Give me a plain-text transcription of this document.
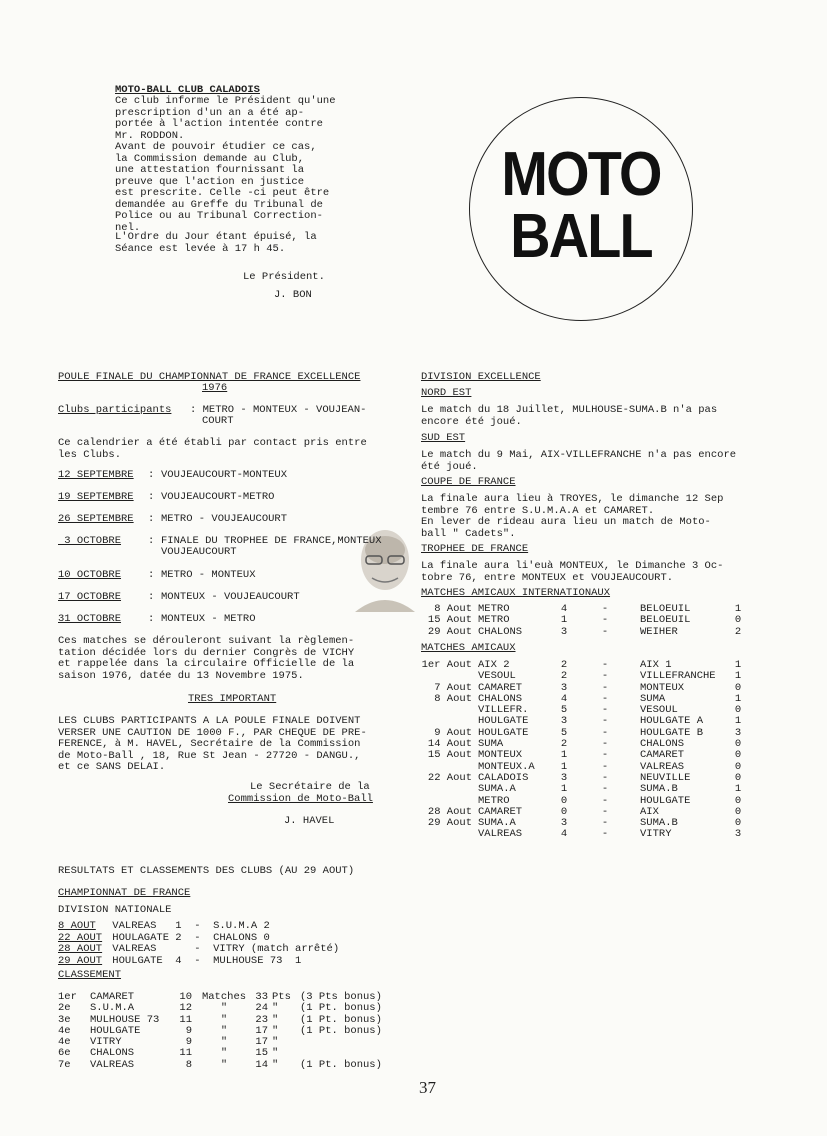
MOTO-BALL CLUB CALADOIS
Ce club informe le Président qu'une
prescription d'un an a été ap-
portée à l'action intentée contre
Mr. RODDON.
Avant de pouvoir étudier ce cas,
la Commission demande au Club,
une attestation fournissant la
preuve que l'action en justice
est prescrite. Celle -ci peut être
demandée au Greffe du Tribunal de
Police ou au Tribunal Correction-
nel.
L'Ordre du Jour étant épuisé, la
Séance est levée à 17 h 45.
Le Président.
J. BON
MOTO
BALL
POULE FINALE DU CHAMPIONNAT DE FRANCE EXCELLENCE
1976
Clubs participants : METRO - MONTEUX - VOUJEAN-
COURT
Ce calendrier a été établi par contact pris entre
les Clubs.
12 SEPTEMBRE : VOUJEAUCOURT-MONTEUX
19 SEPTEMBRE : VOUJEAUCOURT-METRO
26 SEPTEMBRE : METRO - VOUJEAUCOURT
3 OCTOBRE	: FINALE DU TROPHEE DE FRANCE,MONTEUX
VOUJEAUCOURT
10 OCTOBRE	: METRO - MONTEUX
17 OCTOBRE	: MONTEUX - VOUJEAUCOURT
31 OCTOBRE	: MONTEUX - METRO
Ces matches se dérouleront suivant la règlemen-
tation décidée lors du dernier Congrès de VICHY
et rappelée dans la circulaire Officielle de la
saison 1976, datée du 13 Novembre 1975.
TRES IMPORTANT
LES CLUBS PARTICIPANTS A LA POULE FINALE DOIVENT
VERSER UNE CAUTION DE 1000 F., PAR CHEQUE DE PRE-
FERENCE, à M. HAVEL, Secrétaire de la Commission
de Moto-Ball , 18, Rue St Jean - 27720 - DANGU.,
et ce SANS DELAI.
Le Secrétaire de la
Commission de Moto-Ball
J. HAVEL
DIVISION EXCELLENCE
NORD EST
Le match du 18 Juillet, MULHOUSE-SUMA.B n'a pas
encore été joué.
SUD EST
Le match du 9 Mai, AIX-VILLEFRANCHE n'a pas encore
été joué.
COUPE DE FRANCE
La finale aura lieu à TROYES, le dimanche 12 Sep
tembre 76 entre S.U.M.A.A et CAMARET.
En lever de rideau aura lieu un match de Moto-
ball " Cadets".
TROPHEE DE FRANCE
La finale aura li'euà MONTEUX, le Dimanche 3 Oc-
tobre 76, entre MONTEUX et VOUJEAUCOURT.
MATCHES AMICAUX INTERNATIONAUX
8 Aout	METRO	4	-	BELOEUIL	1
15 Aout	METRO	1	-	BELOEUIL	0
29 Aout	CHALONS	3	-	WEIHER	2
MATCHES AMICAUX
1er Aout	AIX 2	2	-	AIX 1	1
	VESOUL	2	-	VILLEFRANCHE	1
7 Aout	CAMARET	3	-	MONTEUX	0
8 Aout	CHALONS	4	-	SUMA	1
	VILLEFR.	5	-	VESOUL	0
	HOULGATE	3	-	HOULGATE A	1
9 Aout	HOULGATE	5	-	HOULGATE B	3
14 Aout	SUMA	2	-	CHALONS	0
15 Aout	MONTEUX	1	-	CAMARET	0
	MONTEUX.A	1	-	VALREAS	0
22 Aout	CALADOIS	3	-	NEUVILLE	0
	SUMA.A	1	-	SUMA.B	1
	METRO	0	-	HOULGATE	0
28 Aout	CAMARET	0	-	AIX	0
29 Aout	SUMA.A	3	-	SUMA.B	0
	VALREAS	4	-	VITRY	3
RESULTATS ET CLASSEMENTS DES CLUBS (AU 29 AOUT)
CHAMPIONNAT DE FRANCE
DIVISION NATIONALE
8 AOUT VALREAS   1  -  S.U.M.A 2
22 AOUT HOULAGATE 2  -  CHALONS 0
28 AOUT VALREAS      -  VITRY (match arrêté)
29 AOUT HOULGATE  4  -  MULHOUSE 73  1
CLASSEMENT
1er	CAMARET	10	Matches	33	Pts	(3 Pts bonus)
2e	S.U.M.A	12	"	24	"	(1 Pt. bonus)
3e	MULHOUSE 73	11	"	23	"	(1 Pt. bonus)
4e	HOULGATE	9	"	17	"	(1 Pt. bonus)
4e	VITRY	9	"	17	"	
6e	CHALONS	11	"	15	"	
7e	VALREAS	8	"	14	"	(1 Pt. bonus)
37
